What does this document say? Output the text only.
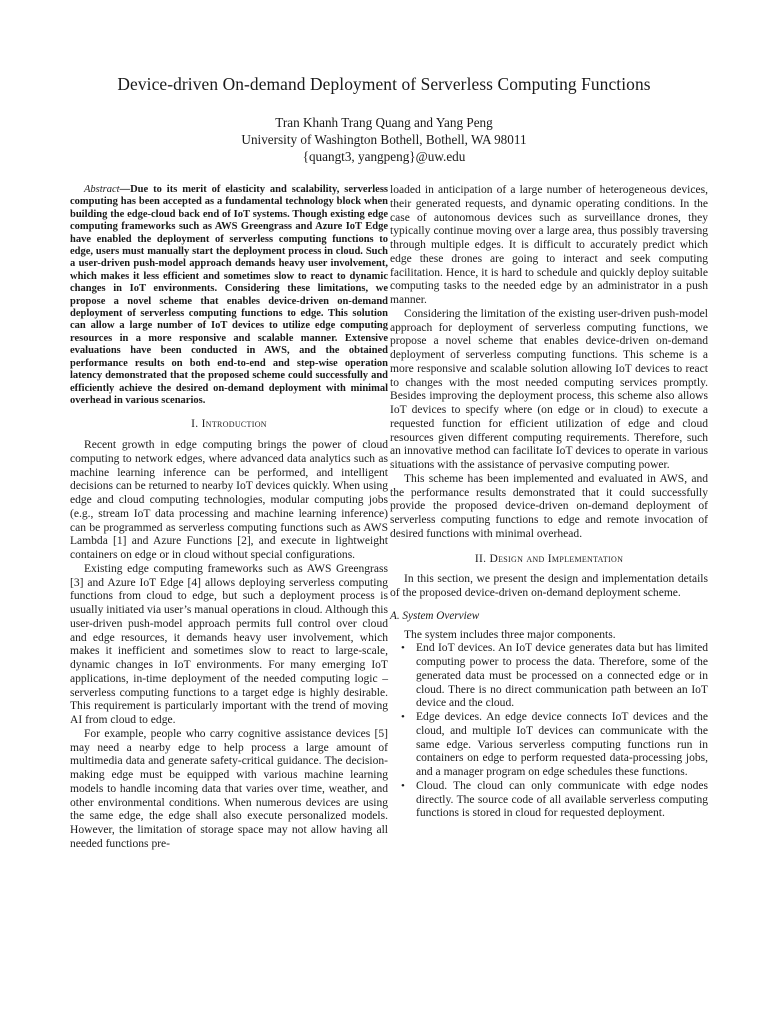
Device-driven On-demand Deployment of Serverless Computing Functions
Tran Khanh Trang Quang and Yang Peng
University of Washington Bothell, Bothell, WA 98011
{quangt3, yangpeng}@uw.edu

Abstract—Due to its merit of elasticity and scalability, serverless computing has been accepted as a fundamental technology block when building the edge-cloud back end of IoT systems. Though existing edge computing frameworks such as AWS Greengrass and Azure IoT Edge have enabled the deployment of serverless computing functions to edge, users must manually start the deployment process in cloud. Such a user-driven push-model approach demands heavy user involvement, which makes it less efficient and sometimes slow to react to dynamic changes in IoT environments. Considering these limitations, we propose a novel scheme that enables device-driven on-demand deployment of serverless computing functions to edge. This solution can allow a large number of IoT devices to utilize edge computing resources in a more responsive and scalable manner. Extensive evaluations have been conducted in AWS, and the obtained performance results on both end-to-end and step-wise operation latency demonstrated that the proposed scheme could successfully and efficiently achieve the desired on-demand deployment with minimal overhead in various scenarios.

I. Introduction

Recent growth in edge computing brings the power of cloud computing to network edges, where advanced data analytics such as machine learning inference can be performed, and intelligent decisions can be returned to nearby IoT devices quickly. When using edge and cloud computing technologies, modular computing jobs (e.g., stream IoT data processing and machine learning inference) can be programmed as serverless computing functions such as AWS Lambda [1] and Azure Functions [2], and execute in lightweight containers on edge or in cloud without special configurations.

Existing edge computing frameworks such as AWS Greengrass [3] and Azure IoT Edge [4] allows deploying serverless computing functions from cloud to edge, but such a deployment process is usually initiated via user’s manual operations in cloud. Although this user-driven push-model approach permits full control over cloud and edge resources, it demands heavy user involvement, which makes it inefficient and sometimes slow to react to large-scale, dynamic changes in IoT environments. For many emerging IoT applications, in-time deployment of the needed computing logic – serverless computing functions to a target edge is highly desirable. This requirement is particularly important with the trend of moving AI from cloud to edge.

For example, people who carry cognitive assistance devices [5] may need a nearby edge to help process a large amount of multimedia data and generate safety-critical guidance. The decision-making edge must be equipped with various machine learning models to handle incoming data that varies over time, weather, and other environmental conditions. When numerous devices are using the same edge, the edge shall also execute personalized models. However, the limitation of storage space may not allow having all needed functions pre-

loaded in anticipation of a large number of heterogeneous devices, their generated requests, and dynamic operating conditions. In the case of autonomous devices such as surveillance drones, they typically continue moving over a large area, thus possibly traversing through multiple edges. It is difficult to accurately predict which edge these drones are going to interact and seek computing facilitation. Hence, it is hard to schedule and quickly deploy suitable computing tasks to the needed edge by an administrator in a push manner.

Considering the limitation of the existing user-driven push-model approach for deployment of serverless computing functions, we propose a novel scheme that enables device-driven on-demand deployment of serverless computing functions. This scheme is a more responsive and scalable solution allowing IoT devices to react to changes with the most needed computing services promptly. Besides improving the deployment process, this scheme also allows IoT devices to specify where (on edge or in cloud) to execute a requested function for efficient utilization of edge and cloud resources given different computing requirements. Therefore, such an innovative method can facilitate IoT devices to operate in various situations with the assistance of pervasive computing power.

This scheme has been implemented and evaluated in AWS, and the performance results demonstrated that it could successfully provide the proposed device-driven on-demand deployment of serverless computing functions to edge and remote invocation of desired functions with minimal overhead.

II. Design and Implementation

In this section, we present the design and implementation details of the proposed device-driven on-demand deployment scheme.

A. System Overview

The system includes three major components.

• End IoT devices. An IoT device generates data but has limited computing power to process the data. Therefore, some of the generated data must be processed on a connected edge or in cloud. There is no direct communication path between an IoT device and the cloud.
• Edge devices. An edge device connects IoT devices and the cloud, and multiple IoT devices can communicate with the same edge. Various serverless computing functions run in containers on edge to perform requested data-processing jobs, and a manager program on edge schedules these functions.
• Cloud. The cloud can only communicate with edge nodes directly. The source code of all available serverless computing functions is stored in cloud for requested deployment.
